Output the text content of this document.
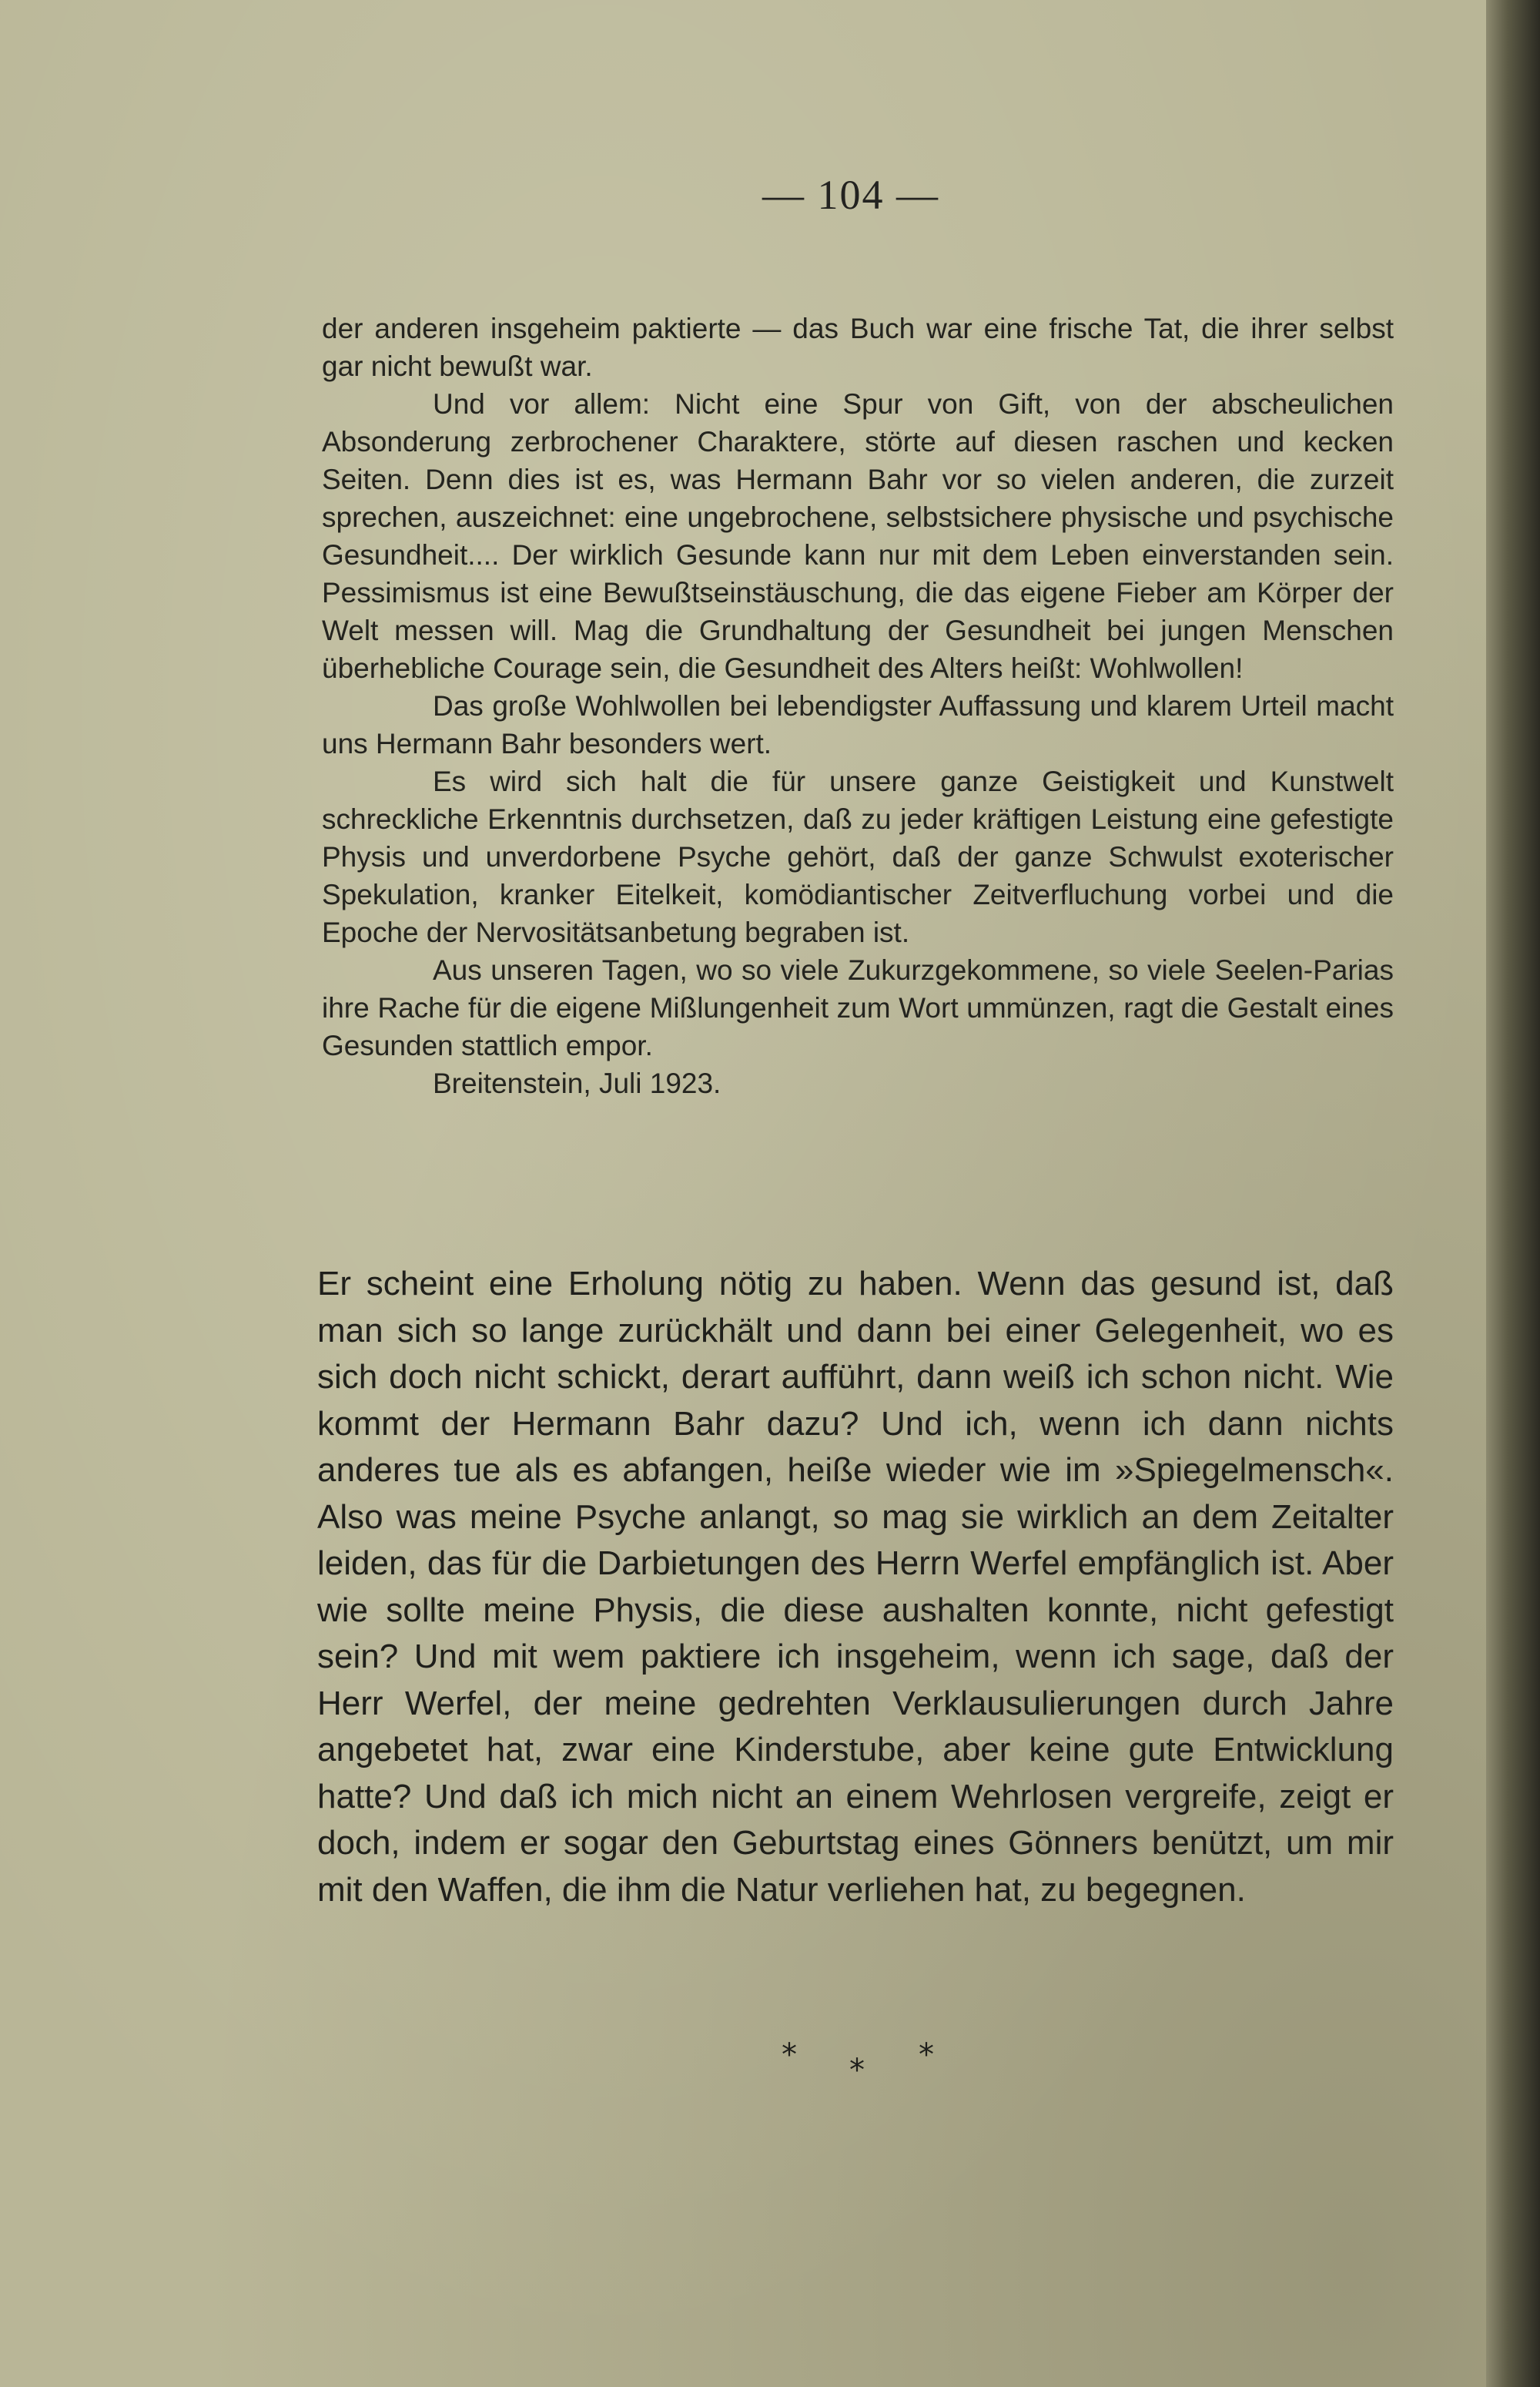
— 104 —

der anderen insgeheim paktierte — das Buch war eine frische Tat, die ihrer selbst gar nicht bewußt war.

Und vor allem: Nicht eine Spur von Gift, von der abscheulichen Absonderung zerbrochener Charaktere, störte auf diesen raschen und kecken Seiten. Denn dies ist es, was Hermann Bahr vor so vielen anderen, die zurzeit sprechen, auszeichnet: eine ungebrochene, selbstsichere physische und psychische Gesundheit.... Der wirklich Gesunde kann nur mit dem Leben einverstanden sein. Pessimismus ist eine Bewußtseinstäuschung, die das eigene Fieber am Körper der Welt messen will. Mag die Grundhaltung der Gesundheit bei jungen Menschen überhebliche Courage sein, die Gesundheit des Alters heißt: Wohlwollen!

Das große Wohlwollen bei lebendigster Auffassung und klarem Urteil macht uns Hermann Bahr besonders wert.

Es wird sich halt die für unsere ganze Geistigkeit und Kunstwelt schreckliche Erkenntnis durchsetzen, daß zu jeder kräftigen Leistung eine gefestigte Physis und unverdorbene Psyche gehört, daß der ganze Schwulst exoterischer Spekulation, kranker Eitelkeit, komödiantischer Zeitverfluchung vorbei und die Epoche der Nervositätsanbetung begraben ist.

Aus unseren Tagen, wo so viele Zukurzgekommene, so viele Seelen-Parias ihre Rache für die eigene Mißlungenheit zum Wort ummünzen, ragt die Gestalt eines Gesunden stattlich empor.

Breitenstein, Juli 1923.

Er scheint eine Erholung nötig zu haben. Wenn das gesund ist, daß man sich so lange zurückhält und dann bei einer Gelegenheit, wo es sich doch nicht schickt, derart aufführt, dann weiß ich schon nicht. Wie kommt der Hermann Bahr dazu? Und ich, wenn ich dann nichts anderes tue als es abfangen, heiße wieder wie im »Spiegelmensch«. Also was meine Psyche anlangt, so mag sie wirklich an dem Zeitalter leiden, das für die Darbietungen des Herrn Werfel empfänglich ist. Aber wie sollte meine Physis, die diese aushalten konnte, nicht gefestigt sein? Und mit wem paktiere ich insgeheim, wenn ich sage, daß der Herr Werfel, der meine gedrehten Verklausulierungen durch Jahre angebetet hat, zwar eine Kinderstube, aber keine gute Entwicklung hatte? Und daß ich mich nicht an einem Wehrlosen vergreife, zeigt er doch, indem er sogar den Geburtstag eines Gönners benützt, um mir mit den Waffen, die ihm die Natur verliehen hat, zu begegnen.

* * *
